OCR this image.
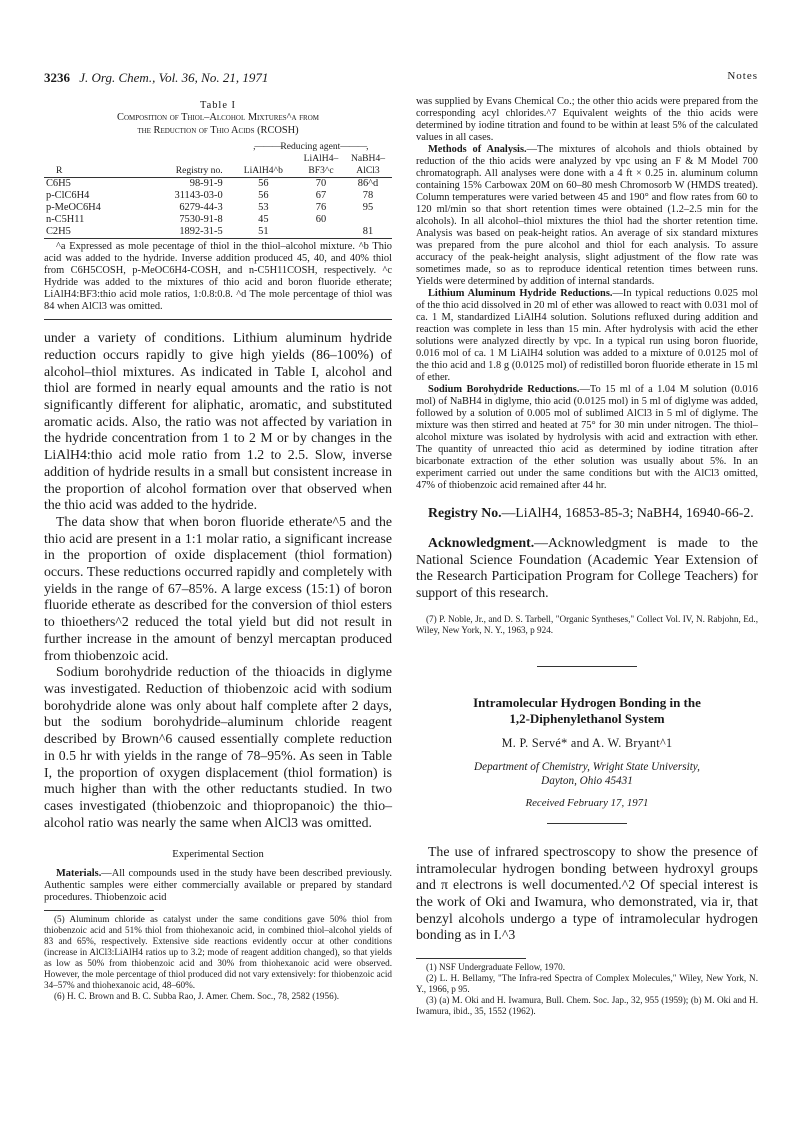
3236 J. Org. Chem., Vol. 36, No. 21, 1971	Notes
Table I
Composition of Thiol–Alcohol Mixtures^a from
the Reduction of Thio Acids (RCOSH)
		,———Reducing agent———,		
R	Registry no.	LiAlH4^b	LiAlH4–BF3^c	NaBH4–AlCl3

C6H5	98-91-9	56	70	86^d
p-ClC6H4	31143-03-0	56	67	78
p-MeOC6H4	6279-44-3	53	76	95
n-C5H11	7530-91-8	45	60	
C2H5	1892-31-5	51		81

^a Expressed as mole pecentage of thiol in the thiol–alcohol mixture. ^b Thio acid was added to the hydride. Inverse addition produced 45, 40, and 40% thiol from C6H5COSH, p-MeOC6H4-COSH, and n-C5H11COSH, respectively. ^c Hydride was added to the mixtures of thio acid and boron fluoride etherate; LiAlH4:BF3:thio acid mole ratios, 1:0.8:0.8. ^d The mole percentage of thiol was 84 when AlCl3 was omitted.

under a variety of conditions. Lithium aluminum hydride reduction occurs rapidly to give high yields (86–100%) of alcohol–thiol mixtures. As indicated in Table I, alcohol and thiol are formed in nearly equal amounts and the ratio is not significantly different for aliphatic, aromatic, and substituted aromatic acids. Also, the ratio was not affected by variation in the hydride concentration from 1 to 2 M or by changes in the LiAlH4:thio acid mole ratio from 1.2 to 2.5. Slow, inverse addition of hydride results in a small but consistent increase in the proportion of alcohol formation over that observed when the thio acid was added to the hydride.

The data show that when boron fluoride etherate^5 and the thio acid are present in a 1:1 molar ratio, a significant increase in the proportion of oxide displacement (thiol formation) occurs. These reductions occurred rapidly and completely with yields in the range of 67–85%. A large excess (15:1) of boron fluoride etherate as described for the conversion of thiol esters to thioethers^2 reduced the total yield but did not result in further increase in the amount of benzyl mercaptan produced from thiobenzoic acid.

Sodium borohydride reduction of the thioacids in diglyme was investigated. Reduction of thiobenzoic acid with sodium borohydride alone was only about half complete after 2 days, but the sodium borohydride–aluminum chloride reagent described by Brown^6 caused essentially complete reduction in 0.5 hr with yields in the range of 78–95%. As seen in Table I, the proportion of oxygen displacement (thiol formation) is much higher than with the other reductants studied. In two cases investigated (thiobenzoic and thiopropanoic) the thio–alcohol ratio was nearly the same when AlCl3 was omitted.

Experimental Section

Materials.—All compounds used in the study have been described previously. Authentic samples were either commercially available or prepared by standard procedures. Thiobenzoic acid

(5) Aluminum chloride as catalyst under the same conditions gave 50% thiol from thiobenzoic acid and 51% thiol from thiohexanoic acid, in combined thiol–alcohol yields of 83 and 65%, respectively. Extensive side reactions evidently occur at other conditions (increase in AlCl3:LiAlH4 ratios up to 3.2; mode of reagent addition changed), so that yields as low as 50% from thiobenzoic acid and 30% from thiohexanoic acid were observed. However, the mole percentage of thiol produced did not vary extensively: for thiobenzoic acid 34–57% and thiohexanoic acid, 48–60%.

(6) H. C. Brown and B. C. Subba Rao, J. Amer. Chem. Soc., 78, 2582 (1956).

was supplied by Evans Chemical Co.; the other thio acids were prepared from the corresponding acyl chlorides.^7 Equivalent weights of the thio acids were determined by iodine titration and found to be within at least 5% of the calculated values in all cases.

Methods of Analysis.—The mixtures of alcohols and thiols obtained by reduction of the thio acids were analyzed by vpc using an F & M Model 700 chromatograph. All analyses were done with a 4 ft × 0.25 in. aluminum column containing 15% Carbowax 20M on 60–80 mesh Chromosorb W (HMDS treated). Column temperatures were varied between 45 and 190° and flow rates from 60 to 120 ml/min so that short retention times were obtained (1.2–2.5 min for the alcohols). In all alcohol–thiol mixtures the thiol had the shorter retention time. Analysis was based on peak-height ratios. An average of six standard mixtures was prepared from the pure alcohol and thiol for each analysis. To assure accuracy of the peak-height analysis, slight adjustment of the flow rate was sometimes made, so as to reproduce identical retention times between runs. Yields were determined by addition of internal standards.

Lithium Aluminum Hydride Reductions.—In typical reductions 0.025 mol of the thio acid dissolved in 20 ml of ether was allowed to react with 0.031 mol of ca. 1 M, standardized LiAlH4 solution. Solutions refluxed during addition and reaction was complete in less than 15 min. After hydrolysis with acid the ether solutions were analyzed directly by vpc. In a typical run using boron fluoride, 0.016 mol of ca. 1 M LiAlH4 solution was added to a mixture of 0.0125 mol of the thio acid and 1.8 g (0.0125 mol) of redistilled boron fluoride etherate in 15 ml of ether.

Sodium Borohydride Reductions.—To 15 ml of a 1.04 M solution (0.016 mol) of NaBH4 in diglyme, thio acid (0.0125 mol) in 5 ml of diglyme was added, followed by a solution of 0.005 mol of sublimed AlCl3 in 5 ml of diglyme. The mixture was then stirred and heated at 75° for 30 min under nitrogen. The thiol–alcohol mixture was isolated by hydrolysis with acid and extraction with ether. The quantity of unreacted thio acid as determined by iodine titration after bicarbonate extraction of the ether solution was usually about 5%. In an experiment carried out under the same conditions but with the AlCl3 omitted, 47% of thiobenzoic acid remained after 44 hr.

Registry No.—LiAlH4, 16853-85-3; NaBH4, 16940-66-2.

Acknowledgment.—Acknowledgment is made to the National Science Foundation (Academic Year Extension of the Research Participation Program for College Teachers) for support of this research.

(7) P. Noble, Jr., and D. S. Tarbell, "Organic Syntheses," Collect Vol. IV, N. Rabjohn, Ed., Wiley, New York, N. Y., 1963, p 924.

Intramolecular Hydrogen Bonding in the
1,2-Diphenylethanol System
M. P. Servé* and A. W. Bryant^1
Department of Chemistry, Wright State University,
Dayton, Ohio 45431
Received February 17, 1971

The use of infrared spectroscopy to show the presence of intramolecular hydrogen bonding between hydroxyl groups and π electrons is well documented.^2 Of special interest is the work of Oki and Iwamura, who demonstrated, via ir, that benzyl alcohols undergo a type of intramolecular hydrogen bonding as in I.^3

(1) NSF Undergraduate Fellow, 1970.

(2) L. H. Bellamy, "The Infra-red Spectra of Complex Molecules," Wiley, New York, N. Y., 1966, p 95.

(3) (a) M. Oki and H. Iwamura, Bull. Chem. Soc. Jap., 32, 955 (1959); (b) M. Oki and H. Iwamura, ibid., 35, 1552 (1962).
